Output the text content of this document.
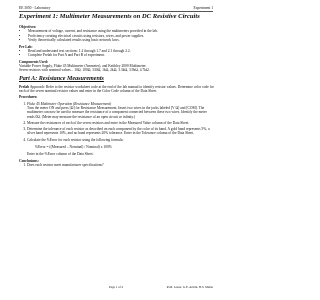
EE 3050 - Laboratory	Experiment 1
Experiment 1: Multimeter Measurements on DC Resistive Circuits
Objectives:
• Measurement of voltage, current, and resistance using the multimeters provided in the lab.
• Proficiency creating electrical circuits using resistors, wires, and power supplies.
• Verify theoretically calculated results using basic network laws.
Pre Lab:
• Read and understand text sections: 1.2 through 1.7 and 2.1 through 2.2.
• Complete Prelab for Part A and Part B of experiment.
Components Used:

Variable Power Supply, Fluke 45 Multimeter (Ammeter), and Keithley 2000 Multimeter.

Seven resistors with nominal values... 10Ω, 100Ω, 330Ω, 1kΩ, 2kΩ, 3.3kΩ, 3.9kΩ, 4.7kΩ.

Part A: Resistance Measurements

Prelab Approach: Refer to the resistor worksheet code at the end of the lab manual to identify resistor values. Determine color code for each of the seven nominal resistor values and enter in the Color Code column of the Data Sheet.

Procedures:
1. Fluke 45 Multimeter Operation (Resistance Measurement)
Turn the meter ON and press [Ω] for Resistance Measurement. Insert two wires in the jacks labeled [V Ω] and [COM]. The multimeter can now be used to measure the resistance of a component connected between these two wires. Identify the meter reads 0Ω. (Meter may measure the resistance of an open circuit or infinity.)
2. Measure the resistances of each of the seven resistors and enter in the Measured Value column of the Data Sheet.
3. Determine the tolerance of each resistor as described on each component by the color of its band. A gold band represents 5%, a silver band represents 10%, and no band represents 20% tolerance. Enter in the Tolerance column of the Data Sheet.
4. Calculate the %Error for each resistor using the following formula:
%Error = ((Measured – Nominal) / Nominal) x 100%
Enter in the %Error column of the Data Sheet.
Conclusions:
1. Does each resistor meet manufacturer specifications?
Page 1 of 4	R.M. Lester, G.E. Armin, H.S. Mehta
